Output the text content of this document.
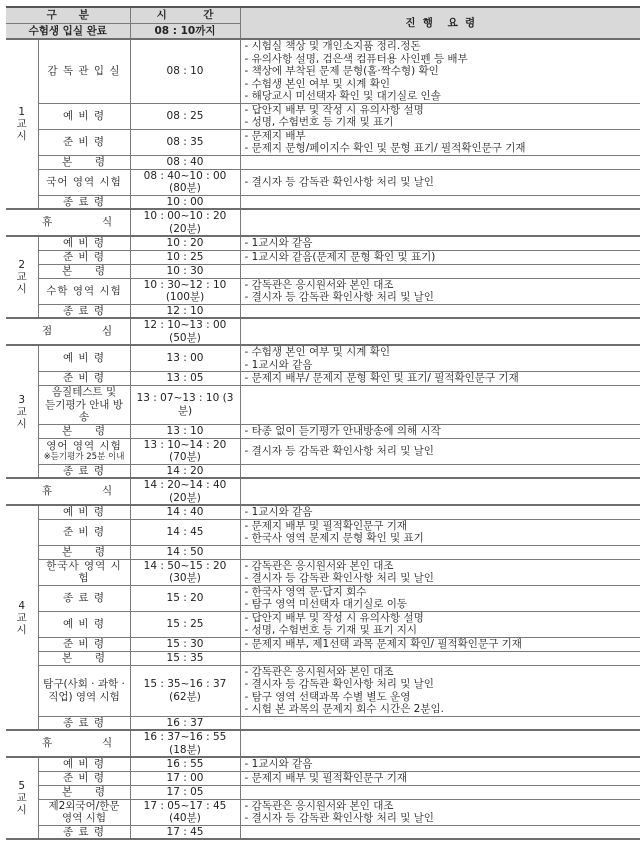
구      분		시          간	진  행    요  령
수험생 입실 완료		08 : 10까지	

1
교
시

감 독 관 입 실	08 : 10	
- 시험실 책상 및 개인소지품 정리.정돈
- 유의사항 설명, 검은색 컴퓨터용 사인펜 등 배부
- 책상에 부착된 문제 문형(홀·짝수형) 확인
- 수험생 본인 여부 및 시계 확인
- 해당교시 미선택자 확인 및 대기실로 인솔

	예 비 령	08 : 25	- 답안지 배부 및 작성 시 유의사항 설명
- 성명, 수험번호 등 기재 및 표기

	준 비 령	08 : 35	- 문제지 배부
- 문제지 문형/페이지수 확인 및 문형 표기/ 필적확인문구 기재

	본     령	08 : 40	

	국어 영역 시험	08 : 40~10 : 00 (80분)	- 결시자 등 감독관 확인사항 처리 및 날인

	종 료 령	10 : 00	
휴 식		10 : 00~10 : 20 (20분)	

2
교
시	예 비 령	10 : 20	- 1교시와 같음

	준 비 령	10 : 25	- 1교시와 같음(문제지 문형 확인 및 표기)

	본     령	10 : 30	

	수학 영역 시험	10 : 30~12 : 10 (100분)	- 감독관은 응시원서와 본인 대조
- 결시자 등 감독관 확인사항 처리 및 날인

	종 료 령	12 : 10	
점 심		12 : 10~13 : 00 (50분)	

3
교
시

예 비 령	13 : 00	
- 수험생 본인 여부 및 시계 확인
- 1교시와 같음

	준 비 령	13 : 05	- 문제지 배부/ 문제지 문형 확인 및 표기/ 필적확인문구 기재

	음질테스트 및
듣기평가 안내 방송	13 : 07~13 : 10 (3분)	

	본     령	13 : 10	- 타종 없이 듣기평가 안내방송에 의해 시작

	영어 영역 시험
※듣기평가 25분 이내	13 : 10~14 : 20 (70분)	- 결시자 등 감독관 확인사항 처리 및 날인

	종 료 령	14 : 20	
휴 식		14 : 20~14 : 40 (20분)	

4
교
시	예 비 령	14 : 40	- 1교시와 같음

	준 비 령	14 : 45	- 문제지 배부 및 필적확인문구 기재
- 한국사 영역 문제지 문형 확인 및 표기

	본     령	14 : 50	

	한국사 영역 시험	14 : 50~15 : 20 (30분)	- 감독관은 응시원서와 본인 대조
- 결시자 등 감독관 확인사항 처리 및 날인

	종 료 령	15 : 20	- 한국사 영역 문·답지 회수
- 탐구 영역 미선택자 대기실로 이동

	예 비 령	15 : 25	- 답안지 배부 및 작성 시 유의사항 설명
- 성명, 수험번호 등 기재 및 표기 지시

	준 비 령	15 : 30	- 문제지 배부, 제1선택 과목 문제지 확인/ 필적확인문구 기재

	본     령	15 : 35	

	탐구(사회 · 과학 · 직업) 영역 시험	15 : 35~16 : 37 (62분)	- 감독관은 응시원서와 본인 대조
- 결시자 등 감독관 확인사항 처리 및 날인
- 탐구 영역 선택과목 수별 별도 운영
- 시험 본 과목의 문제지 회수 시간은 2분임.

	종 료 령	16 : 37	
휴 식		16 : 37~16 : 55 (18분)	

5
교
시	예 비 령	16 : 55	- 1교시와 같음

	준 비 령	17 : 00	- 문제지 배부 및 필적확인문구 기재

	본     령	17 : 05	

	제2외국어/한문 영역 시험	17 : 05~17 : 45 (40분)	- 감독관은 응시원서와 본인 대조
- 결시자 등 감독관 확인사항 처리 및 날인

	종 료 령	17 : 45	
